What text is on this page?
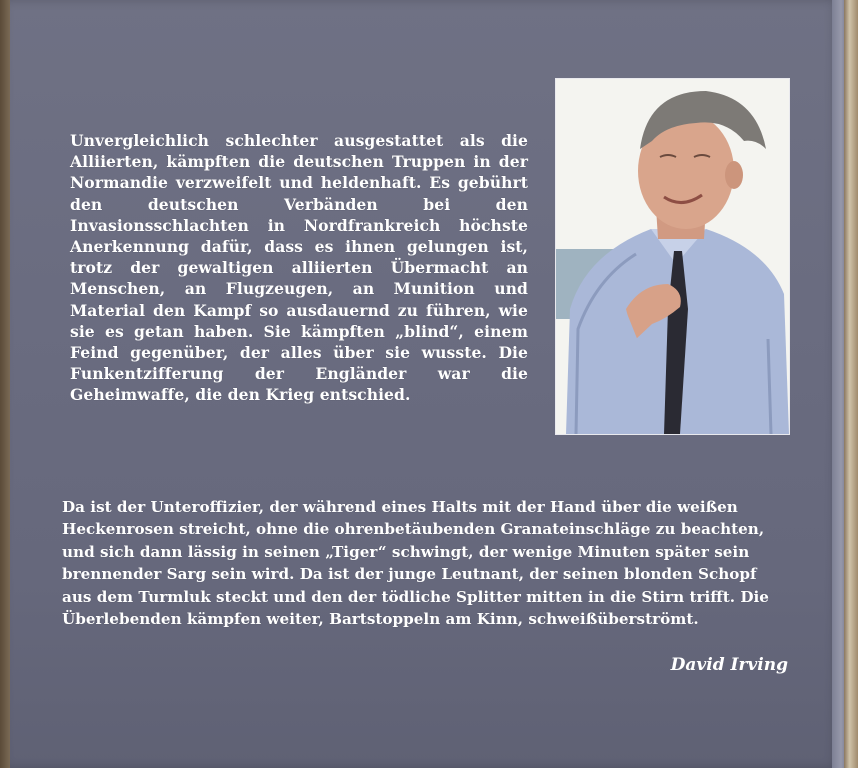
Unvergleichlich schlechter ausgestattet als die Alliierten, kämpften die deutschen Truppen in der Normandie verzweifelt und heldenhaft. Es gebührt den deutschen Verbänden bei den Invasionsschlachten in Nordfrankreich höchste Anerkennung dafür, dass es ihnen gelungen ist, trotz der gewaltigen alliierten Übermacht an Menschen, an Flugzeugen, an Munition und Material den Kampf so ausdauernd zu führen, wie sie es getan haben. Sie kämpften „blind“, einem Feind gegenüber, der alles über sie wusste. Die Funkentzifferung der Engländer war die Geheimwaffe, die den Krieg entschied.

Da ist der Unteroffizier, der während eines Halts mit der Hand über die weißen Heckenrosen streicht, ohne die ohrenbetäubenden Granateinschläge zu beachten, und sich dann lässig in seinen „Tiger“ schwingt, der wenige Minuten später sein brennender Sarg sein wird. Da ist der junge Leutnant, der seinen blonden Schopf aus dem Turmluk steckt und den der tödliche Splitter mitten in die Stirn trifft. Die Überlebenden kämpfen weiter, Bartstoppeln am Kinn, schweißüberströmt.

David Irving
